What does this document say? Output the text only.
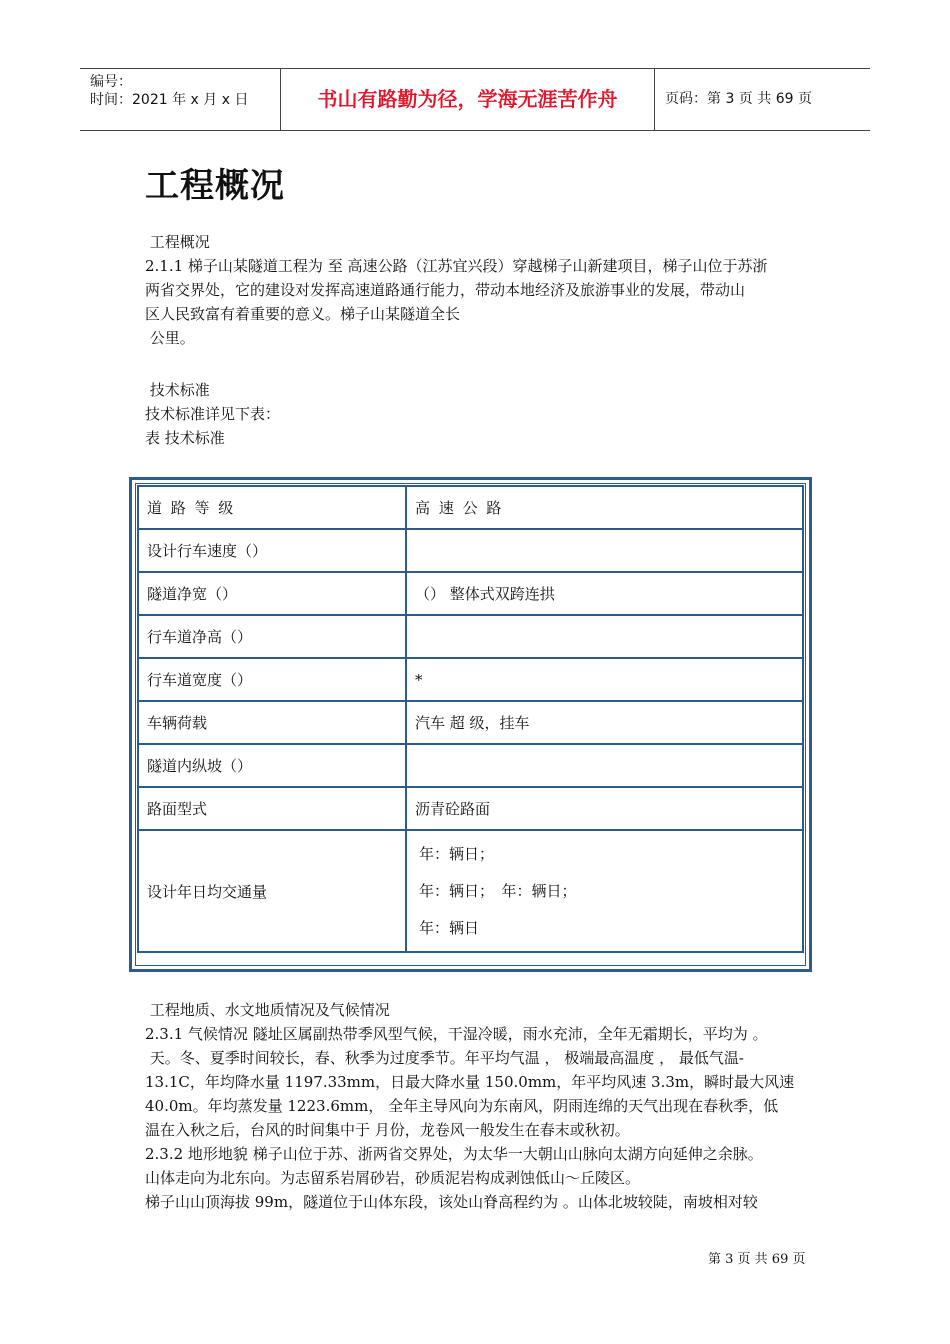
编号：
时间：2021 年 x 月 x 日	书山有路勤为径，学海无涯苦作舟	页码：第 3 页 共 69 页
工程概况
工程概况
2.1.1 梯子山某隧道工程为 至 高速公路（江苏宜兴段）穿越梯子山新建项目，梯子山位于苏浙
两省交界处，它的建设对发挥高速道路通行能力，带动本地经济及旅游事业的发展，带动山
区人民致富有着重要的意义。梯子山某隧道全长
公里。
技术标准
技术标准详见下表：
表 技术标准
道 路 等 级	高 速 公 路
设计行车速度（）	
隧道净宽（）	（） 整体式双跨连拱
行车道净高（）	
行车道宽度（）	*
车辆荷载	汽车 超 级，挂车
隧道内纵坡（）	
路面型式	沥青砼路面
设计年日均交通量	年：辆日；
年：辆日；　年：辆日；
年：辆日
工程地质、水文地质情况及气候情况
2.3.1 气候情况 隧址区属副热带季风型气候，干湿冷暖，雨水充沛，全年无霜期长，平均为 。
天。冬、夏季时间较长，春、秋季为过度季节。年平均气温 ， 极端最高温度 ， 最低气温-
13.1C，年均降水量 1197.33mm，日最大降水量 150.0mm，年平均风速 3.3m，瞬时最大风速
40.0m。年均蒸发量 1223.6mm， 全年主导风向为东南风，阴雨连绵的天气出现在春秋季，低
温在入秋之后，台风的时间集中于 月份，龙卷风一般发生在春末或秋初。
2.3.2 地形地貌 梯子山位于苏、浙两省交界处，为太华一大朝山山脉向太湖方向延伸之余脉。
山体走向为北东向。为志留系岩屑砂岩，砂质泥岩构成剥蚀低山～丘陵区。
梯子山山顶海拔 99m，隧道位于山体东段，该处山脊高程约为 。山体北坡较陡，南坡相对较
第 3 页 共 69 页
